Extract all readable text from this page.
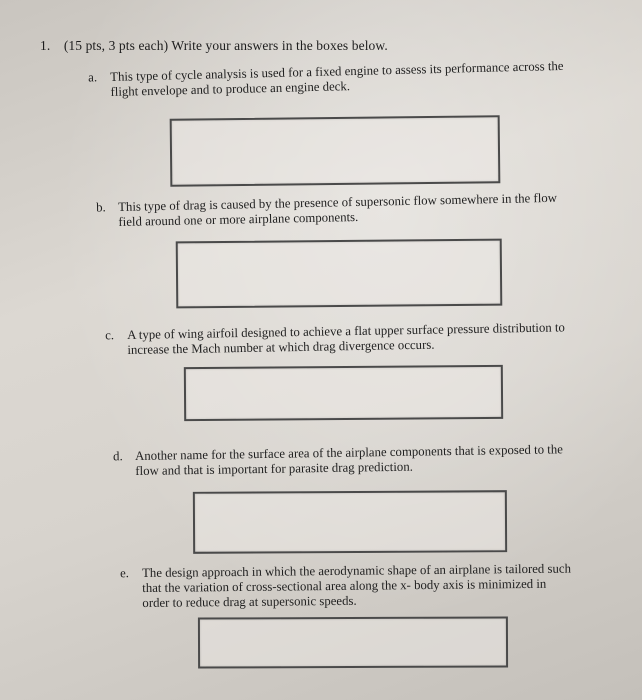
1. (15 pts, 3 pts each) Write your answers in the boxes below.
a. This type of cycle analysis is used for a fixed engine to assess its performance across the flight envelope and to produce an engine deck.
b. This type of drag is caused by the presence of supersonic flow somewhere in the flow field around one or more airplane components.
c. A type of wing airfoil designed to achieve a flat upper surface pressure distribution to increase the Mach number at which drag divergence occurs.
d. Another name for the surface area of the airplane components that is exposed to the flow and that is important for parasite drag prediction.
e. The design approach in which the aerodynamic shape of an airplane is tailored such that the variation of cross-sectional area along the x- body axis is minimized in order to reduce drag at supersonic speeds.
